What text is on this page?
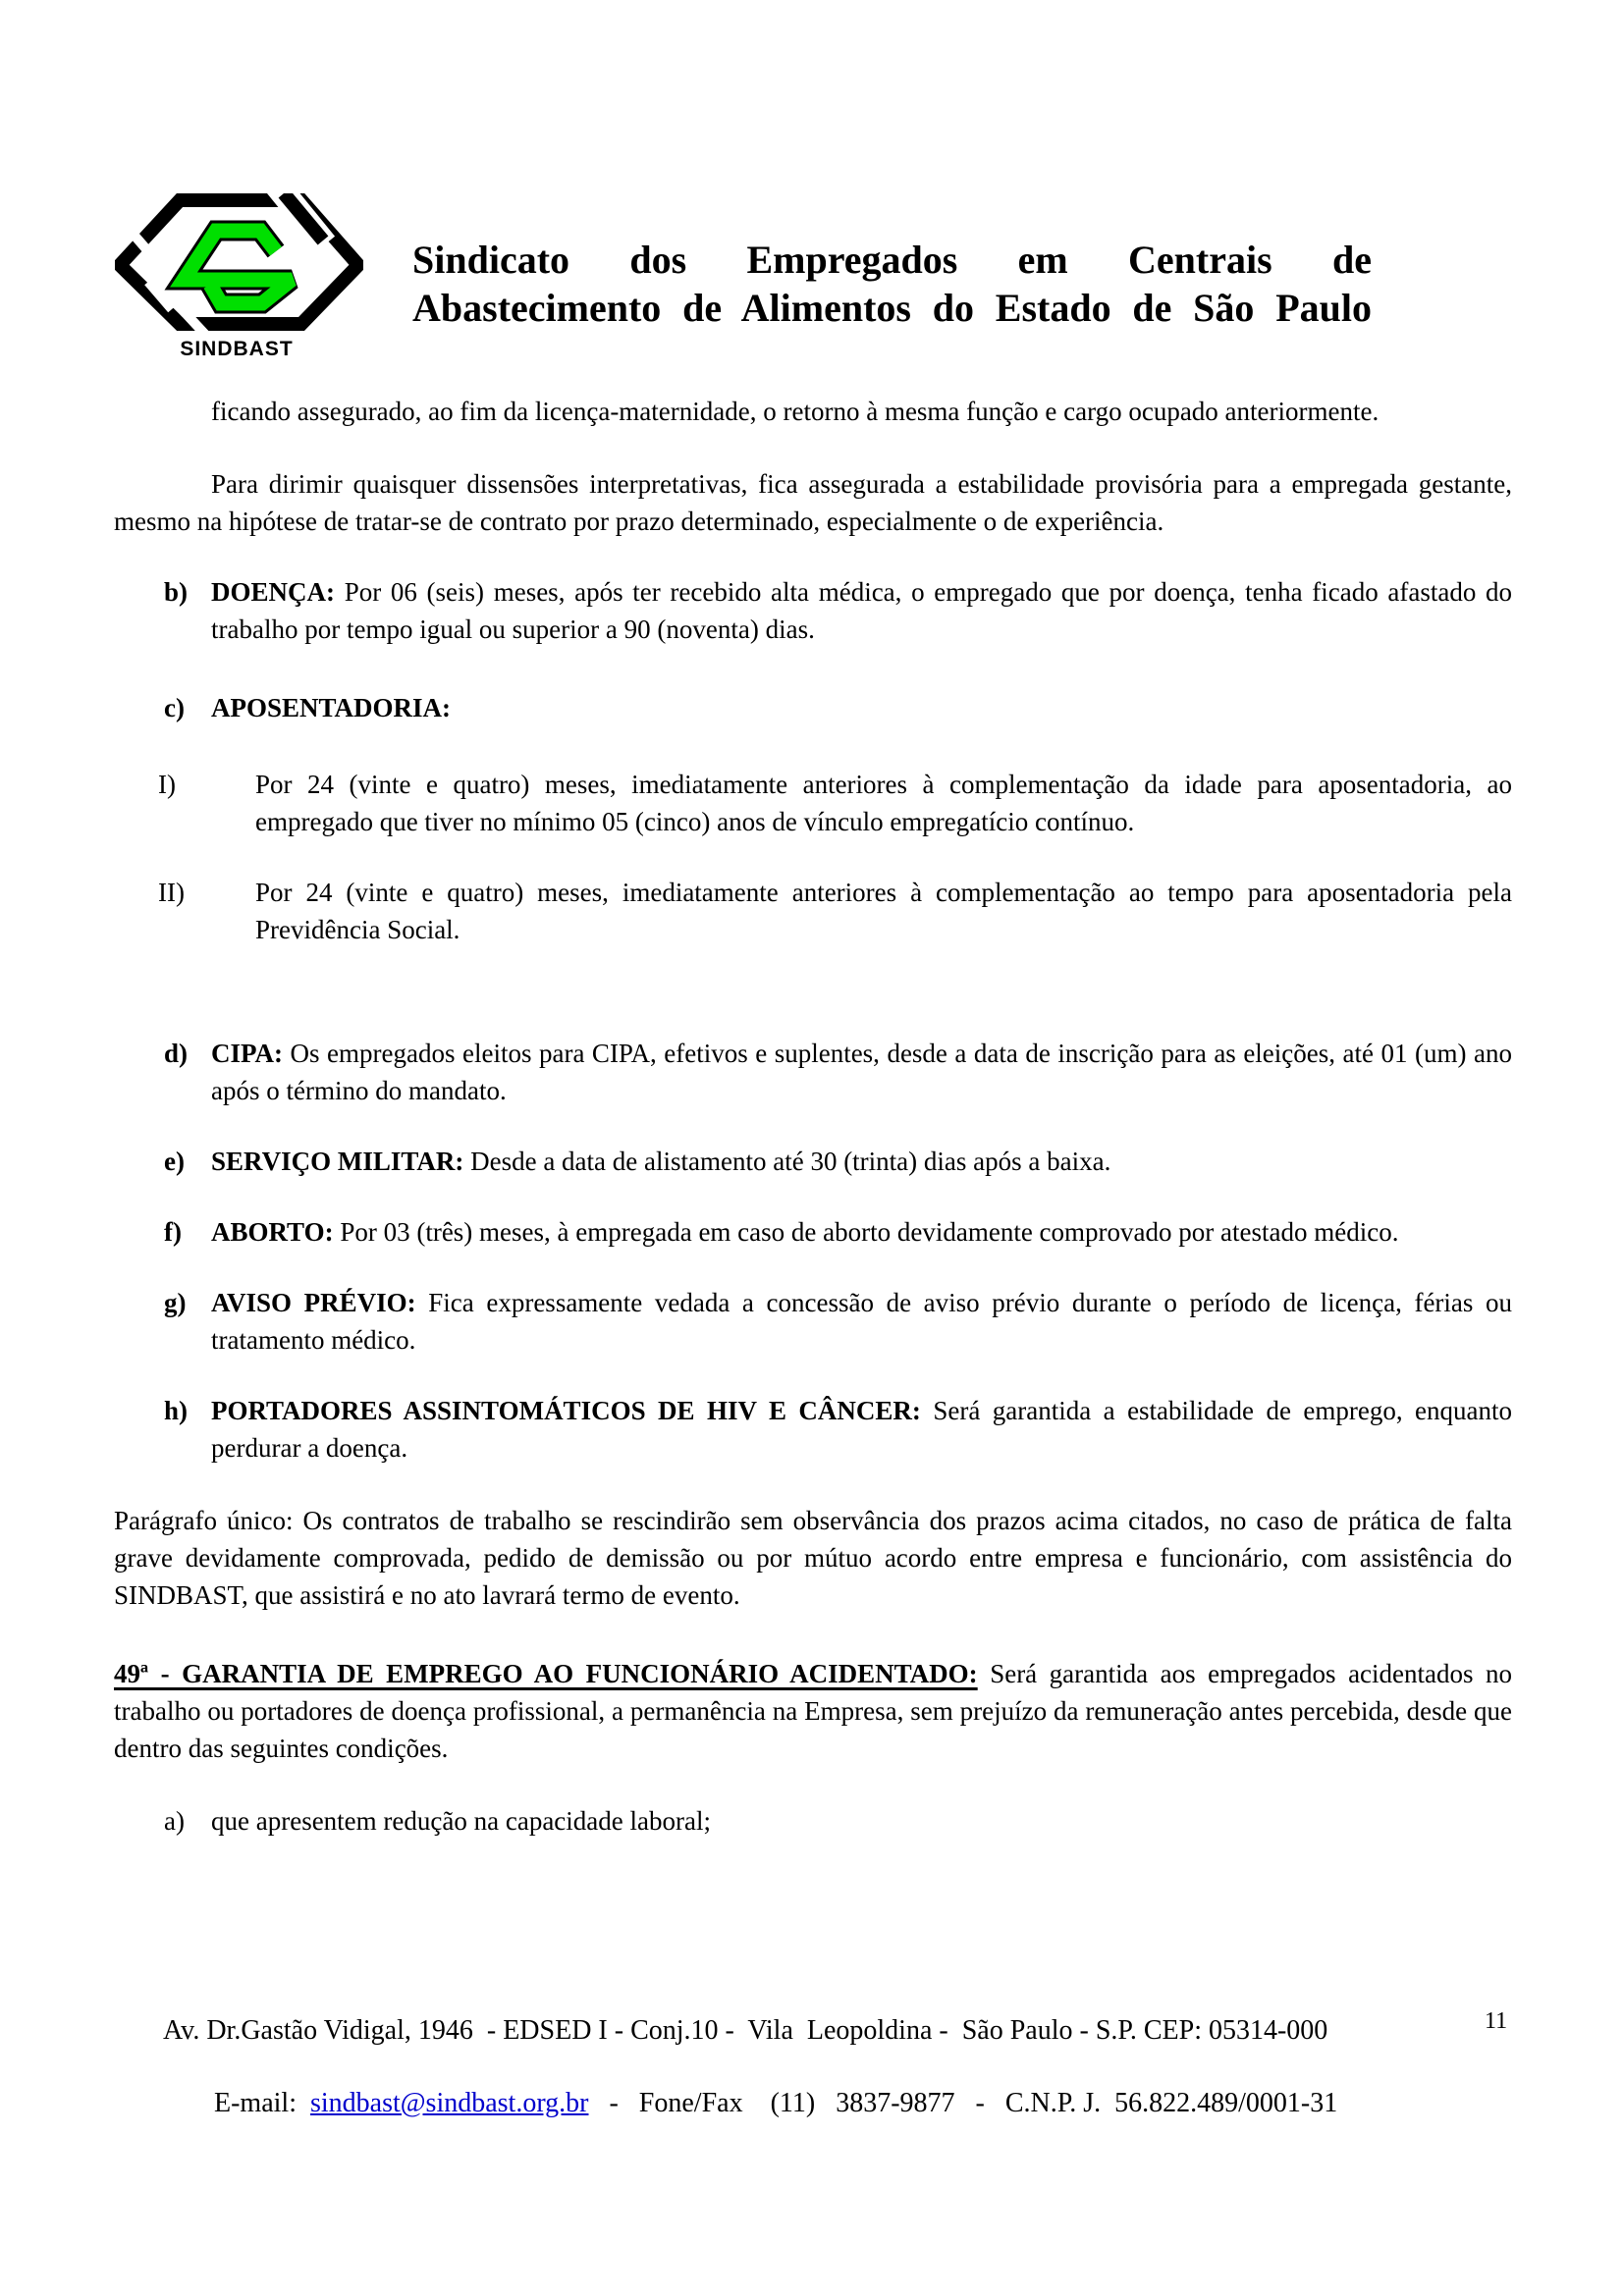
SINDBAST
Sindicato dos Empregados em Centrais de
Abastecimento de Alimentos do Estado de São Paulo
ficando assegurado, ao fim da licença-maternidade, o retorno à mesma função e cargo ocupado anteriormente.
Para dirimir quaisquer dissensões interpretativas, fica assegurada a estabilidade provisória para a empregada gestante, mesmo na hipótese de tratar-se de contrato por prazo determinado, especialmente o de experiência.
b) DOENÇA: Por 06 (seis) meses, após ter recebido alta médica, o empregado que por doença, tenha ficado afastado do trabalho por tempo igual ou superior a 90 (noventa) dias.
c) APOSENTADORIA:
I)	Por 24 (vinte e quatro) meses, imediatamente anteriores à complementação da idade para aposentadoria, ao empregado que tiver no mínimo 05 (cinco) anos de vínculo empregatício contínuo.
II)	Por 24 (vinte e quatro) meses, imediatamente anteriores à complementação ao tempo para aposentadoria pela Previdência Social.
d) CIPA: Os empregados eleitos para CIPA, efetivos e suplentes, desde a data de inscrição para as eleições, até 01 (um) ano após o término do mandato.
e) SERVIÇO MILITAR: Desde a data de alistamento até 30 (trinta) dias após a baixa.
f) ABORTO: Por 03 (três) meses, à empregada em caso de aborto devidamente comprovado por atestado médico.
g) AVISO PRÉVIO: Fica expressamente vedada a concessão de aviso prévio durante o período de licença, férias ou tratamento médico.
h) PORTADORES ASSINTOMÁTICOS DE HIV E CÂNCER: Será garantida a estabilidade de emprego, enquanto perdurar a doença.
Parágrafo único: Os contratos de trabalho se rescindirão sem observância dos prazos acima citados, no caso de prática de falta grave devidamente comprovada, pedido de demissão ou por mútuo acordo entre empresa e funcionário, com assistência do SINDBAST, que assistirá e no ato lavrará termo de evento.
49ª - GARANTIA DE EMPREGO AO FUNCIONÁRIO ACIDENTADO: Será garantida aos empregados acidentados no trabalho ou portadores de doença profissional, a permanência na Empresa, sem prejuízo da remuneração antes percebida, desde que dentro das seguintes condições.
a) que apresentem redução na capacidade laboral;
Av. Dr.Gastão Vidigal, 1946  - EDSED I - Conj.10 -  Vila  Leopoldina -  São Paulo - S.P. CEP: 05314-000	11

E-mail:  sindbast@sindbast.org.br   -   Fone/Fax    (11)   3837-9877   -   C.N.P. J.  56.822.489/0001-31
